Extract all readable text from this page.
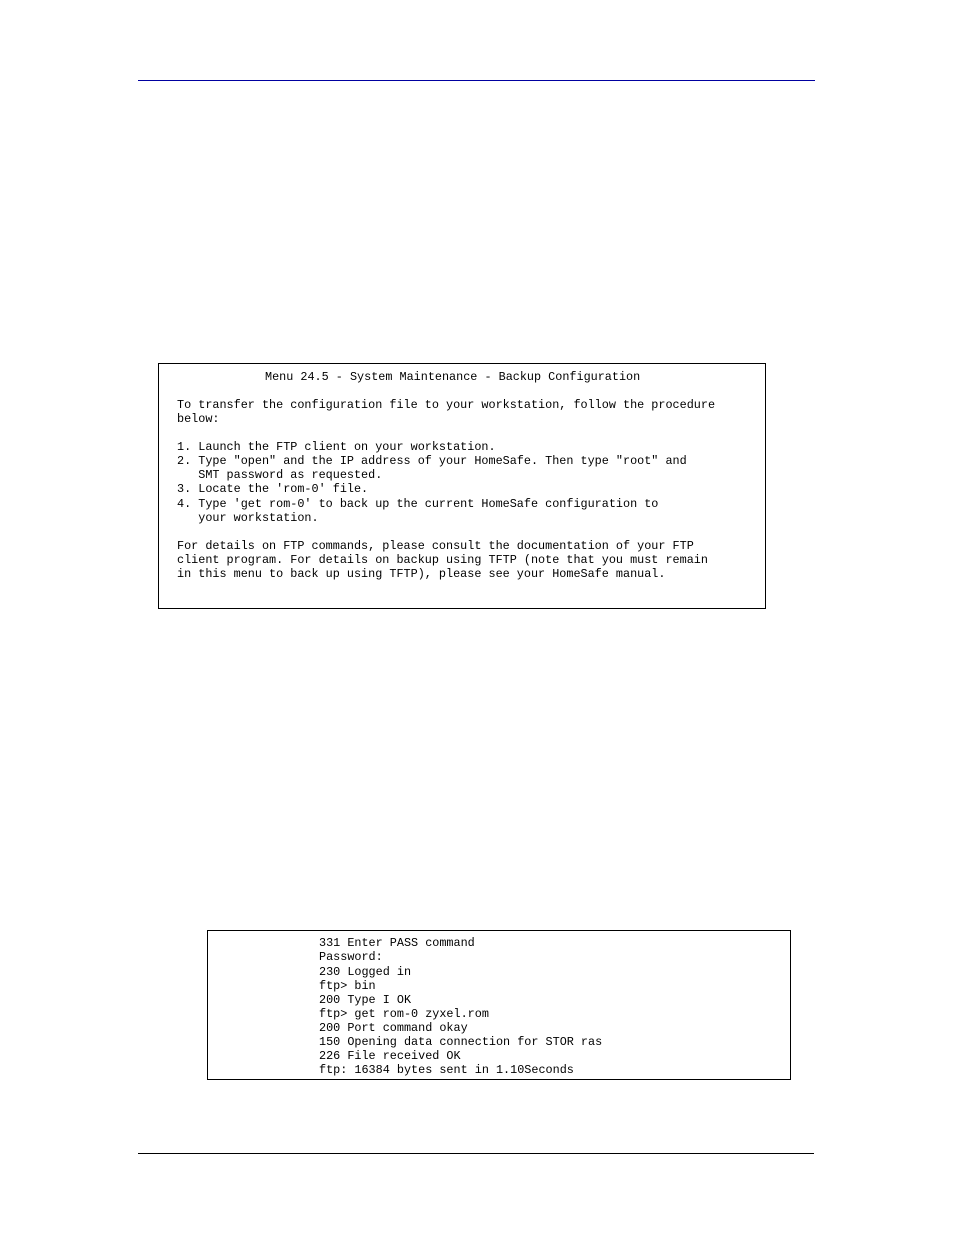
Menu 24.5 - System Maintenance - Backup Configuration
To transfer the configuration file to your workstation, follow the procedure
below:
1. Launch the FTP client on your workstation.
2. Type "open" and the IP address of your HomeSafe. Then type "root" and
SMT password as requested.
3. Locate the 'rom-0' file.
4. Type 'get rom-0' to back up the current HomeSafe configuration to
your workstation.
For details on FTP commands, please consult the documentation of your FTP
client program. For details on backup using TFTP (note that you must remain
in this menu to back up using TFTP), please see your HomeSafe manual.
331 Enter PASS command
Password:
230 Logged in
ftp> bin
200 Type I OK
ftp> get rom-0 zyxel.rom
200 Port command okay
150 Opening data connection for STOR ras
226 File received OK
ftp: 16384 bytes sent in 1.10Seconds
